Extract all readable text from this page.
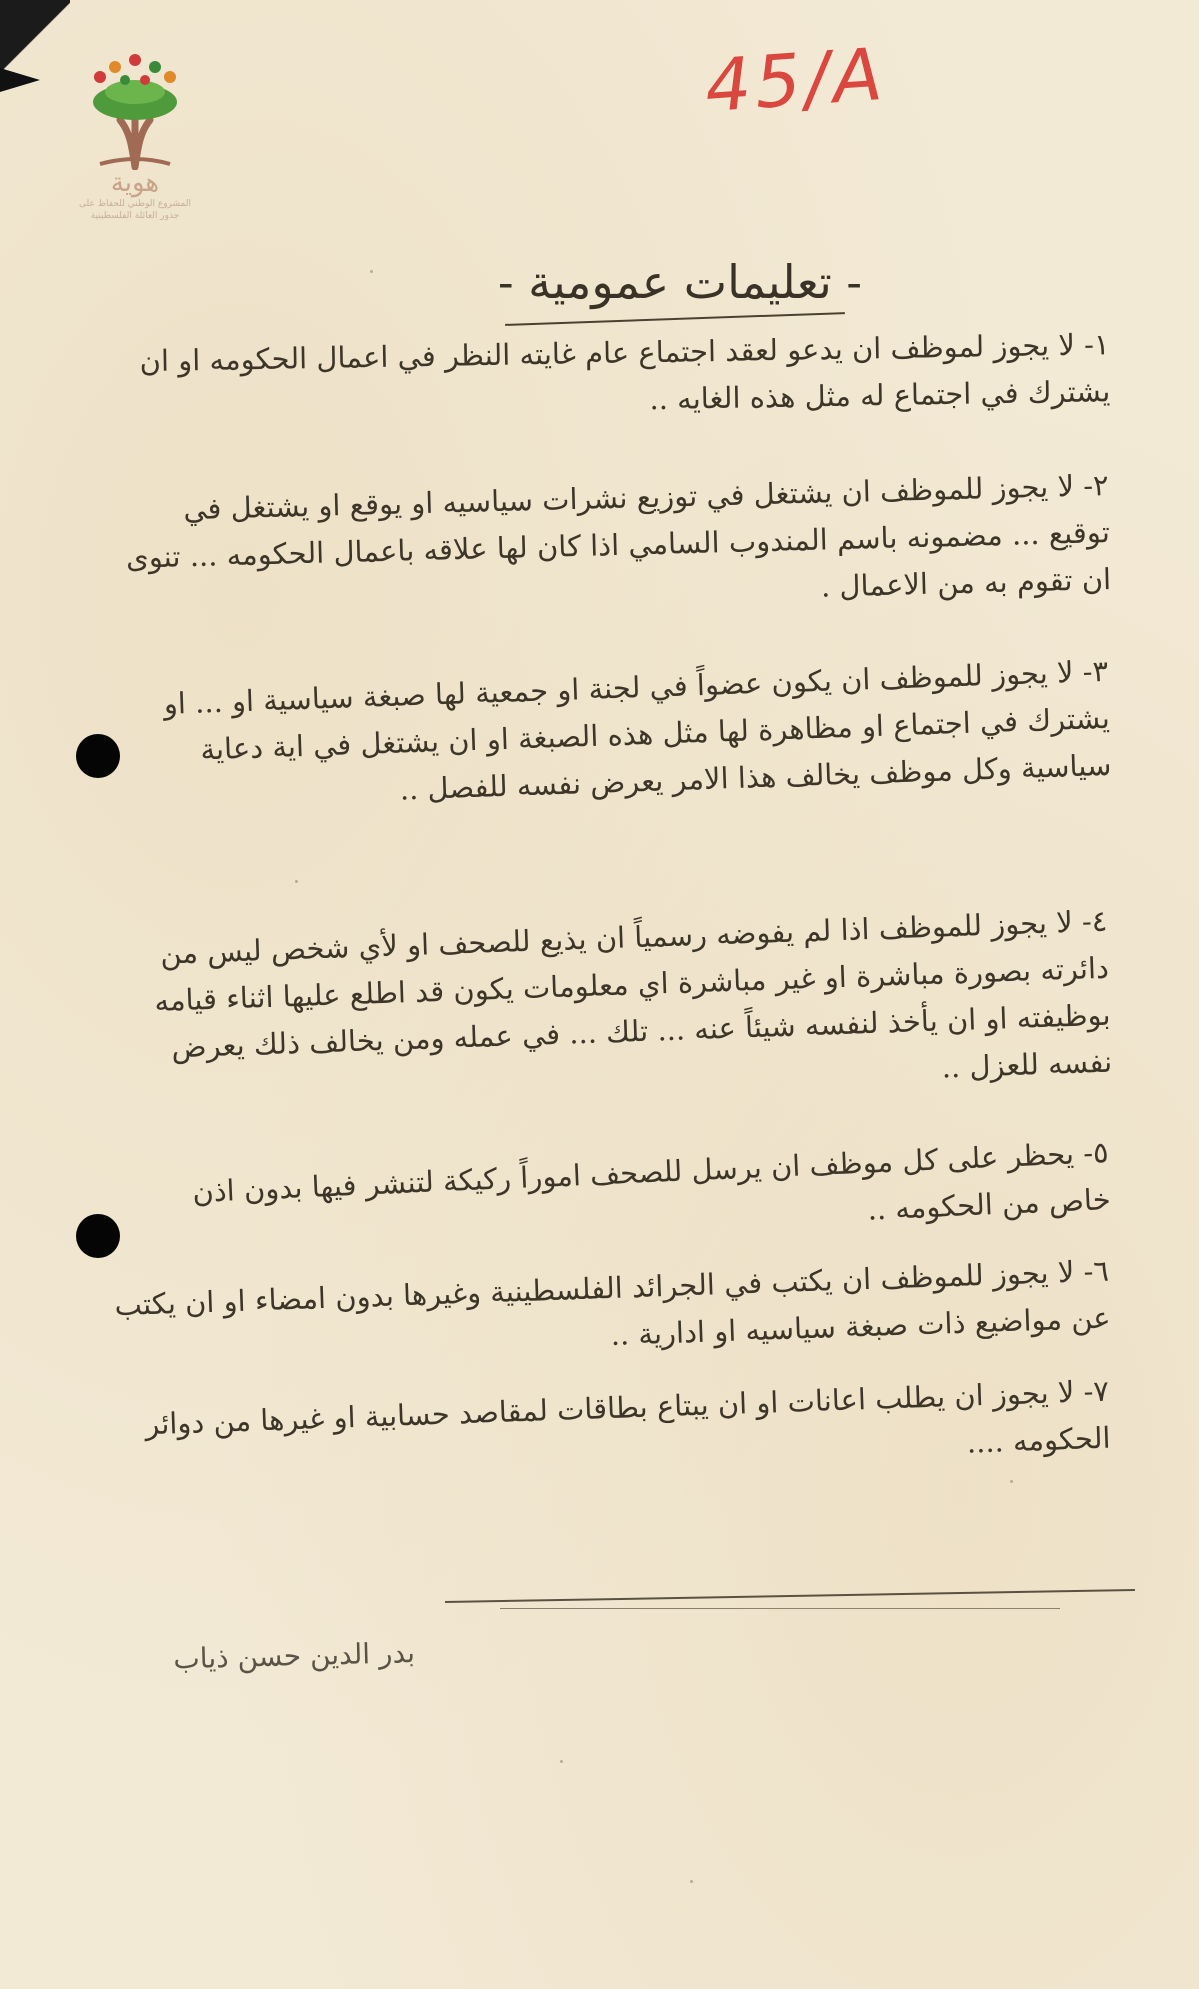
هوية
المشروع الوطني للحفاظ على
جذور العائلة الفلسطينية
45/A
- تعليمات عمومية -
١- لا يجوز لموظف ان يدعو لعقد اجتماع عام غايته النظر في اعمال الحكومه او ان يشترك في اجتماع له مثل هذه الغايه ..
٢- لا يجوز للموظف ان يشتغل في توزيع نشرات سياسيه او يوقع او يشتغل في توقيع ... مضمونه باسم المندوب السامي اذا كان لها علاقه باعمال الحكومه ... تنوى ان تقوم به من الاعمال .
٣- لا يجوز للموظف ان يكون عضواً في لجنة او جمعية لها صبغة سياسية او ... او يشترك في اجتماع او مظاهرة لها مثل هذه الصبغة او ان يشتغل في اية دعاية سياسية وكل موظف يخالف هذا الامر يعرض نفسه للفصل ..
٤- لا يجوز للموظف اذا لم يفوضه رسمياً ان يذيع للصحف او لأي شخص ليس من دائرته بصورة مباشرة او غير مباشرة اي معلومات يكون قد اطلع عليها اثناء قيامه بوظيفته او ان يأخذ لنفسه شيئاً عنه ... تلك ... في عمله ومن يخالف ذلك يعرض نفسه للعزل ..
٥- يحظر على كل موظف ان يرسل للصحف اموراً ركيكة لتنشر فيها بدون اذن خاص من الحكومه ..
٦- لا يجوز للموظف ان يكتب في الجرائد الفلسطينية وغيرها بدون امضاء او ان يكتب عن مواضيع ذات صبغة سياسيه او ادارية ..
٧- لا يجوز ان يطلب اعانات او ان يبتاع بطاقات لمقاصد حسابية او غيرها من دوائر الحكومه ....
بدر الدين حسن ذياب
